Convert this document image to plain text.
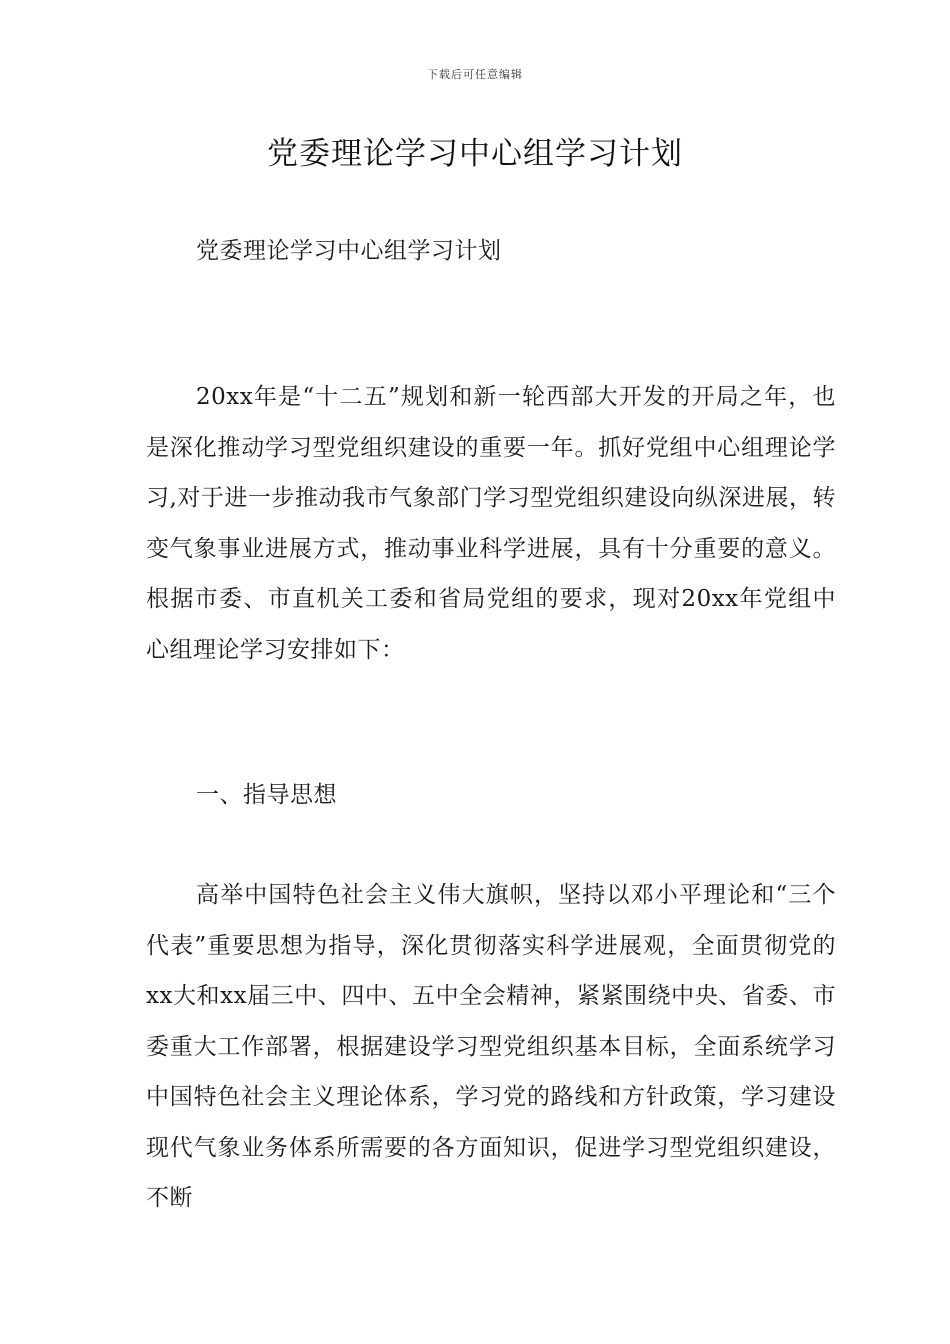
下载后可任意编辑
党委理论学习中心组学习计划
党委理论学习中心组学习计划

20xx年是“十二五”规划和新一轮西部大开发的开局之年，也是深化推动学习型党组织建设的重要一年。抓好党组中心组理论学习,对于进一步推动我市气象部门学习型党组织建设向纵深进展，转变气象事业进展方式，推动事业科学进展，具有十分重要的意义。根据市委、市直机关工委和省局党组的要求，现对20xx年党组中心组理论学习安排如下：

一、指导思想

高举中国特色社会主义伟大旗帜，坚持以邓小平理论和“三个代表”重要思想为指导，深化贯彻落实科学进展观，全面贯彻党的xx大和xx届三中、四中、五中全会精神，紧紧围绕中央、省委、市委重大工作部署，根据建设学习型党组织基本目标，全面系统学习中国特色社会主义理论体系，学习党的路线和方针政策，学习建设现代气象业务体系所需要的各方面知识，促进学习型党组织建设，不断
